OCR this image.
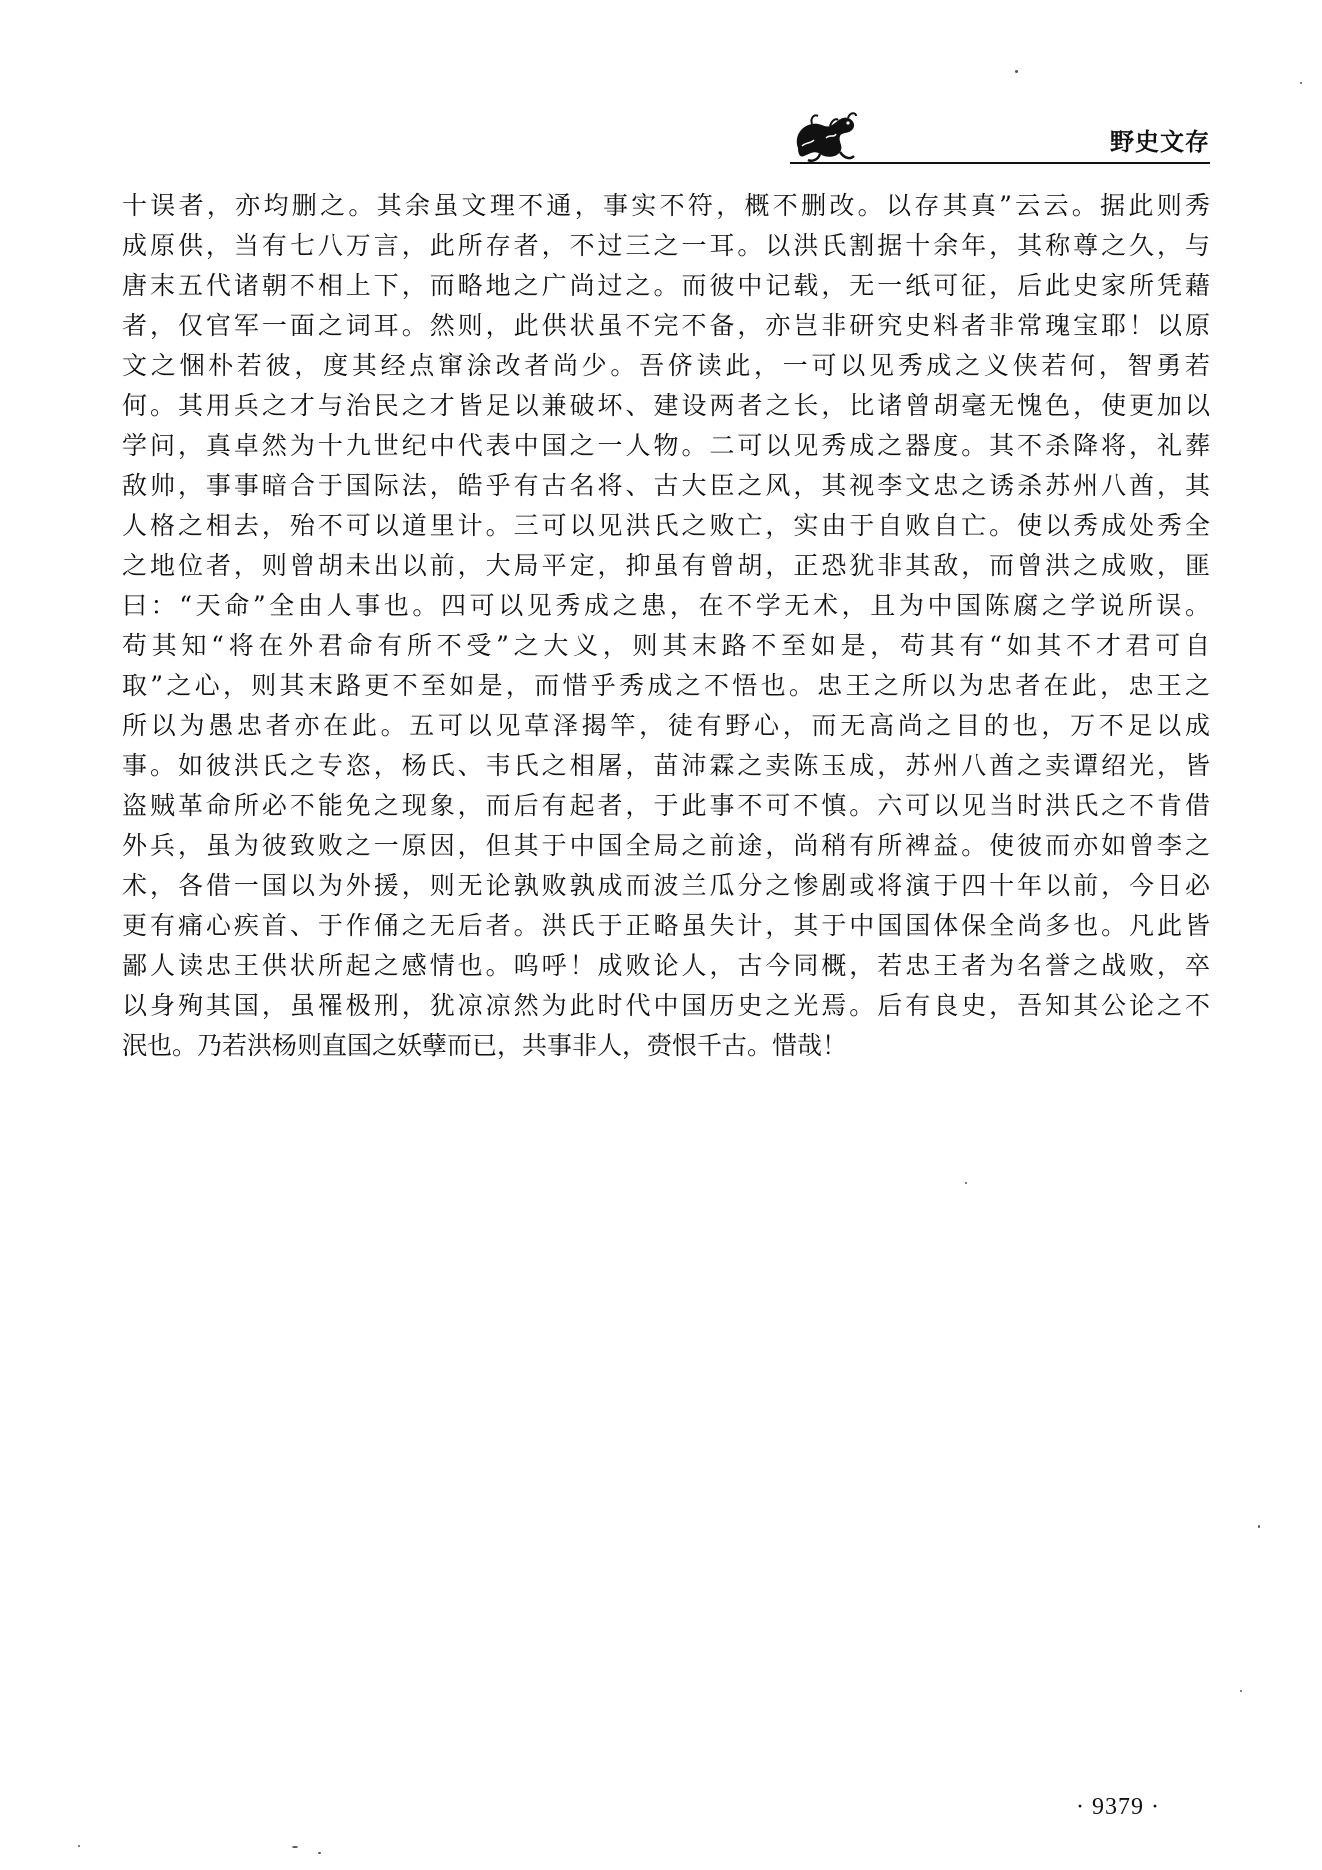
野史文存
十误者，亦均删之。其余虽文理不通，事实不符，概不删改。以存其真”云云。据此则秀
成原供，当有七八万言，此所存者，不过三之一耳。以洪氏割据十余年，其称尊之久，与
唐末五代诸朝不相上下，而略地之广尚过之。而彼中记载，无一纸可征，后此史家所凭藉
者，仅官军一面之词耳。然则，此供状虽不完不备，亦岂非研究史料者非常瑰宝耶！以原
文之悃朴若彼，度其经点窜涂改者尚少。吾侪读此，一可以见秀成之义侠若何，智勇若
何。其用兵之才与治民之才皆足以兼破坏、建设两者之长，比诸曾胡毫无愧色，使更加以
学问，真卓然为十九世纪中代表中国之一人物。二可以见秀成之器度。其不杀降将，礼葬
敌帅，事事暗合于国际法，皓乎有古名将、古大臣之风，其视李文忠之诱杀苏州八酋，其
人格之相去，殆不可以道里计。三可以见洪氏之败亡，实由于自败自亡。使以秀成处秀全
之地位者，则曾胡未出以前，大局平定，抑虽有曾胡，正恐犹非其敌，而曾洪之成败，匪
曰：“天命”全由人事也。四可以见秀成之患，在不学无术，且为中国陈腐之学说所误。
苟其知“将在外君命有所不受”之大义，则其末路不至如是，苟其有“如其不才君可自
取”之心，则其末路更不至如是，而惜乎秀成之不悟也。忠王之所以为忠者在此，忠王之
所以为愚忠者亦在此。五可以见草泽揭竿，徒有野心，而无高尚之目的也，万不足以成
事。如彼洪氏之专恣，杨氏、韦氏之相屠，苗沛霖之卖陈玉成，苏州八酋之卖谭绍光，皆
盗贼革命所必不能免之现象，而后有起者，于此事不可不慎。六可以见当时洪氏之不肯借
外兵，虽为彼致败之一原因，但其于中国全局之前途，尚稍有所裨益。使彼而亦如曾李之
术，各借一国以为外援，则无论孰败孰成而波兰瓜分之惨剧或将演于四十年以前，今日必
更有痛心疾首、于作俑之无后者。洪氏于正略虽失计，其于中国国体保全尚多也。凡此皆
鄙人读忠王供状所起之感情也。呜呼！成败论人，古今同概，若忠王者为名誉之战败，卒
以身殉其国，虽罹极刑，犹凉凉然为此时代中国历史之光焉。后有良史，吾知其公论之不
泯也。乃若洪杨则直国之妖孽而已，共事非人，赍恨千古。惜哉！
· 9379 ·
